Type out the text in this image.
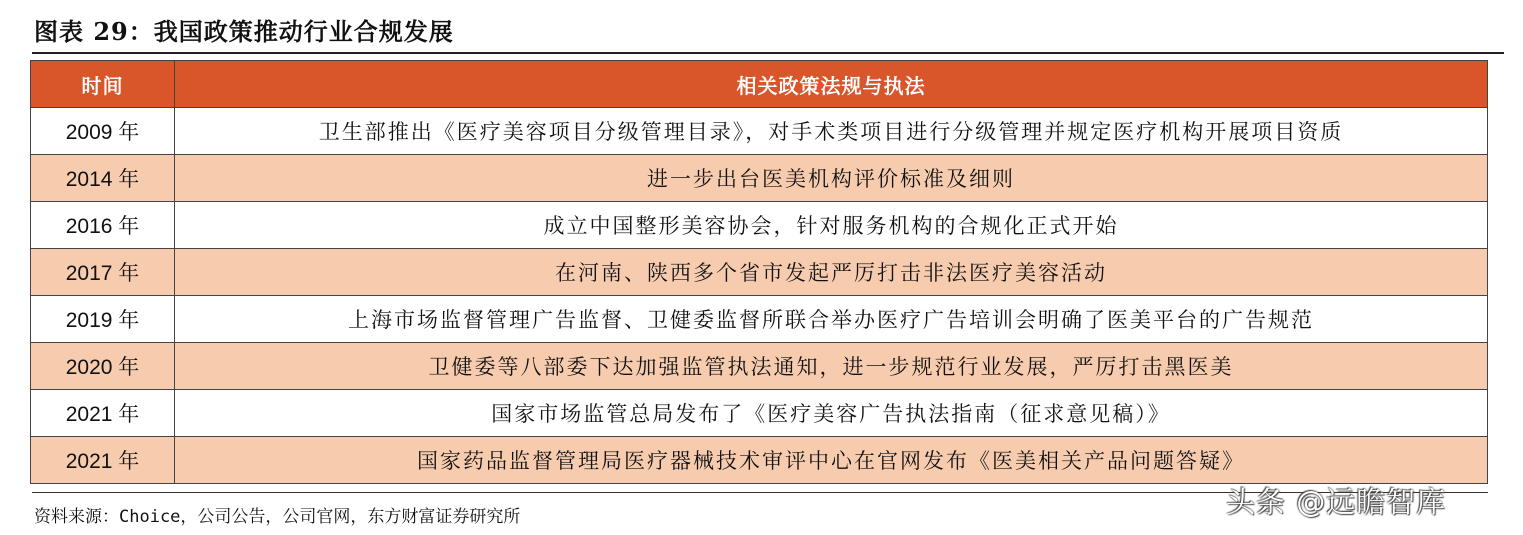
图表 29：我国政策推动行业合规发展
时间	相关政策法规与执法
2009 年	卫生部推出《医疗美容项目分级管理目录》，对手术类项目进行分级管理并规定医疗机构开展项目资质
2014 年	进一步出台医美机构评价标准及细则
2016 年	成立中国整形美容协会，针对服务机构的合规化正式开始
2017 年	在河南、陕西多个省市发起严厉打击非法医疗美容活动
2019 年	上海市场监督管理广告监督、卫健委监督所联合举办医疗广告培训会明确了医美平台的广告规范
2020 年	卫健委等八部委下达加强监管执法通知，进一步规范行业发展，严厉打击黑医美
2021 年	国家市场监管总局发布了《医疗美容广告执法指南（征求意见稿）》
2021 年	国家药品监督管理局医疗器械技术审评中心在官网发布《医美相关产品问题答疑》
资料来源：Choice，公司公告，公司官网，东方财富证券研究所	头条 @远瞻智库
